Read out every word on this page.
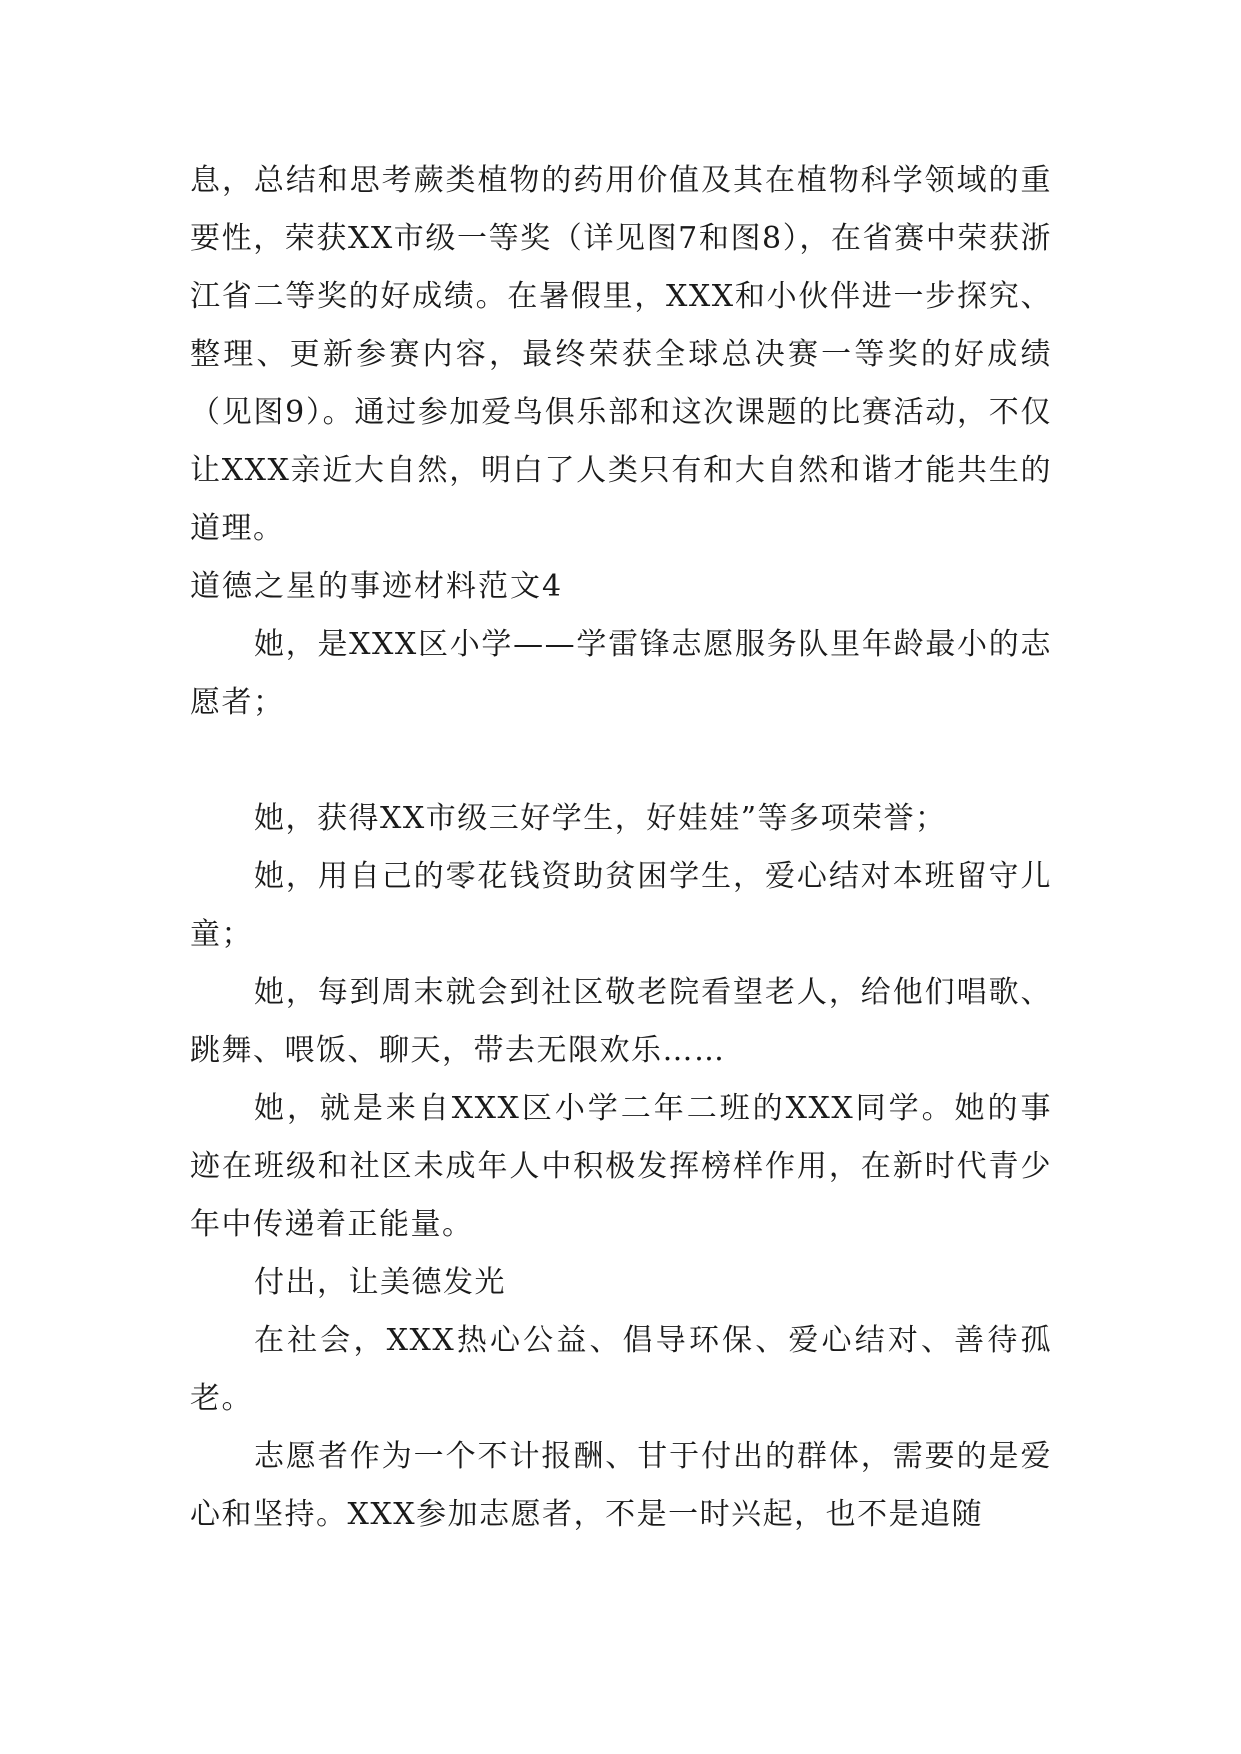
息，总结和思考蕨类植物的药用价值及其在植物科学领域的重要性，荣获XX市级一等奖（详见图7和图8），在省赛中荣获浙江省二等奖的好成绩。在暑假里，XXX和小伙伴进一步探究、整理、更新参赛内容，最终荣获全球总决赛一等奖的好成绩（见图9）。通过参加爱鸟俱乐部和这次课题的比赛活动，不仅让XXX亲近大自然，明白了人类只有和大自然和谐才能共生的道理。

道德之星的事迹材料范文4

她，是XXX区小学——学雷锋志愿服务队里年龄最小的志愿者；

她，获得XX市级三好学生，好娃娃”等多项荣誉；

她，用自己的零花钱资助贫困学生，爱心结对本班留守儿童；

她，每到周末就会到社区敬老院看望老人，给他们唱歌、跳舞、喂饭、聊天，带去无限欢乐……

她，就是来自XXX区小学二年二班的XXX同学。她的事迹在班级和社区未成年人中积极发挥榜样作用，在新时代青少年中传递着正能量。

付出，让美德发光

在社会，XXX热心公益、倡导环保、爱心结对、善待孤老。

志愿者作为一个不计报酬、甘于付出的群体，需要的是爱心和坚持。XXX参加志愿者，不是一时兴起，也不是追随
